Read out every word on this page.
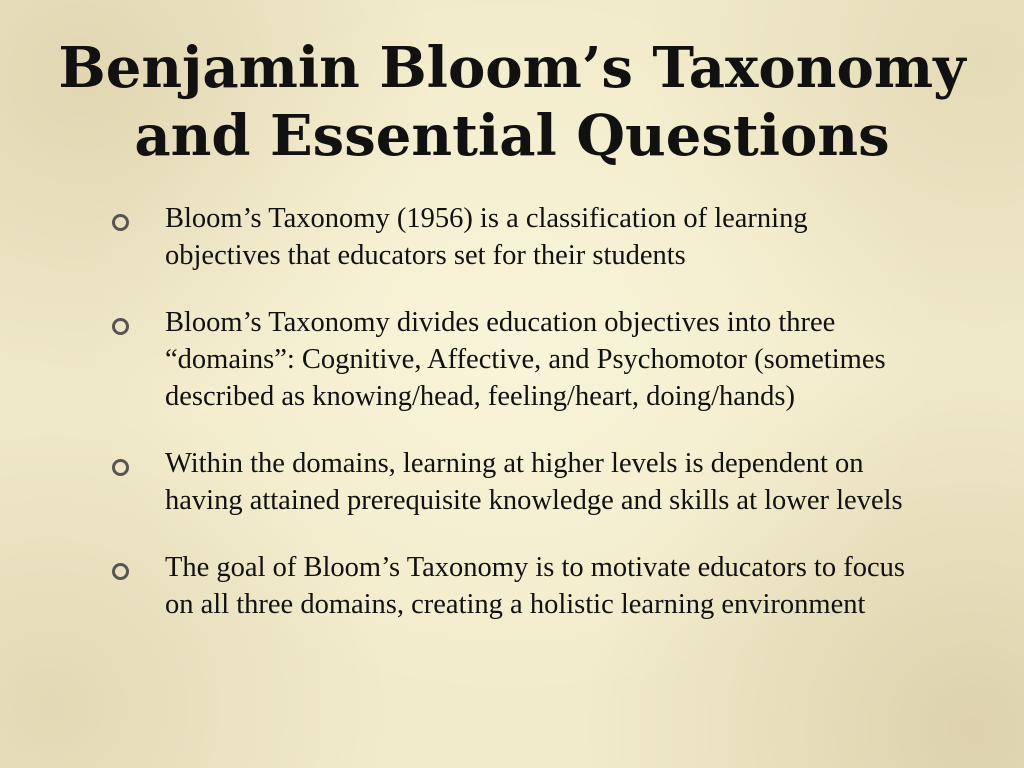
Benjamin Bloom’s Taxonomy
and Essential Questions
Bloom’s Taxonomy (1956) is a classification of learning objectives that educators set for their students
Bloom’s Taxonomy divides education objectives into three “domains”: Cognitive, Affective, and Psychomotor (sometimes described as knowing/head, feeling/heart, doing/hands)
Within the domains, learning at higher levels is dependent on having attained prerequisite knowledge and skills at lower levels
The goal of Bloom’s Taxonomy is to motivate educators to focus on all three domains, creating a holistic learning environment
